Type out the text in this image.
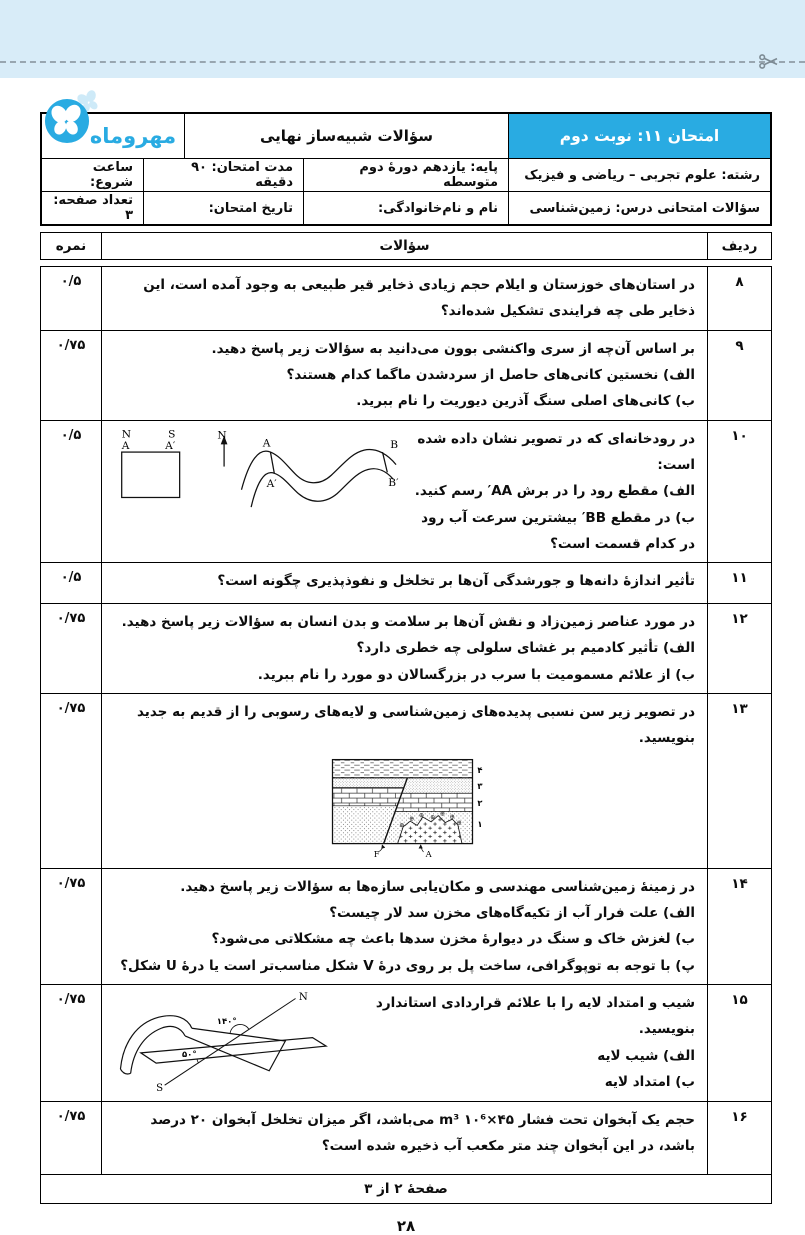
امتحان ۱۱: نوبت دوم
سؤالات شبیه‌ساز نهایی
مهروماه
رشته: علوم تجربی – ریاضی و فیزیک
پایه: یازدهم دورۀ دوم متوسطه
مدت امتحان: ۹۰ دقیقه
ساعت شروع:
سؤالات امتحانی درس: زمین‌شناسی
نام و نام‌خانوادگی:
تاریخ امتحان:
تعداد صفحه: ۳
ردیف
سؤالات
نمره
۸

در استان‌های خوزستان و ایلام حجم زیادی ذخایر قیر طبیعی به وجود آمده است، این ذخایر طی چه فرایندی تشکیل شده‌اند؟

۰/۵
۹

بر اساس آن‌چه از سری واکنشی بوون می‌دانید به سؤالات زیر پاسخ دهید.

الف) نخستین کانی‌های حاصل از سردشدن ماگما کدام هستند؟

ب) کانی‌های اصلی سنگ آذرین دیوریت را نام ببرید.

۰/۷۵
۱۰

در رودخانه‌ای که در تصویر نشان داده شده است:

الف) مقطع رود را در برش AA′ رسم کنید.

ب) در مقطع BB′ بیشترین سرعت آب رود در کدام قسمت است؟

N
N
A
S
A′	A
A′
B
B′
۰/۵
۱۱

تأثیر اندازهٔ دانه‌ها و جورشدگی آن‌ها بر تخلخل و نفوذپذیری چگونه است؟

۰/۵
۱۲

در مورد عناصر زمین‌زاد و نقش آن‌ها بر سلامت و بدن انسان به سؤالات زیر پاسخ دهید.

الف) تأثیر کادمیم بر غشای سلولی چه خطری دارد؟

ب) از علائم مسمومیت با سرب در بزرگسالان دو مورد را نام ببرید.

۰/۷۵
۱۳

در تصویر زیر سن نسبی پدیده‌های زمین‌شناسی و لایه‌های رسوبی را از قدیم به جدید بنویسید.

⊕
⊕ ⊕ ⊕ ⊕ ⊕
⊕
۴
۳
۲
۱
F	A
۰/۷۵
۱۴

در زمینهٔ زمین‌شناسی مهندسی و مکان‌یابی سازه‌ها به سؤالات زیر پاسخ دهید.

الف) علت فرار آب از تکیه‌گاه‌های مخزن سد لار چیست؟

ب) لغزش خاک و سنگ در دیوارهٔ مخزن سدها باعث چه مشکلاتی می‌شود؟

پ) با توجه به توپوگرافی، ساخت پل بر روی درهٔ V شکل مناسب‌تر است یا درهٔ U شکل؟

۰/۷۵
۱۵

شیب و امتداد لایه را با علائم قراردادی استاندارد بنویسید.

الف) شیب لایه

ب) امتداد لایه

N
S
۱۴۰°
۵۰°
۰/۷۵
۱۶

حجم یک آبخوان تحت فشار ۴۵×۱۰⁶ m³ می‌باشد، اگر میزان تخلخل آبخوان ۲۰ درصد باشد، در این آبخوان چند متر مکعب آب ذخیره شده است؟

۰/۷۵
صفحهٔ ۲ از ۳
۲۸
